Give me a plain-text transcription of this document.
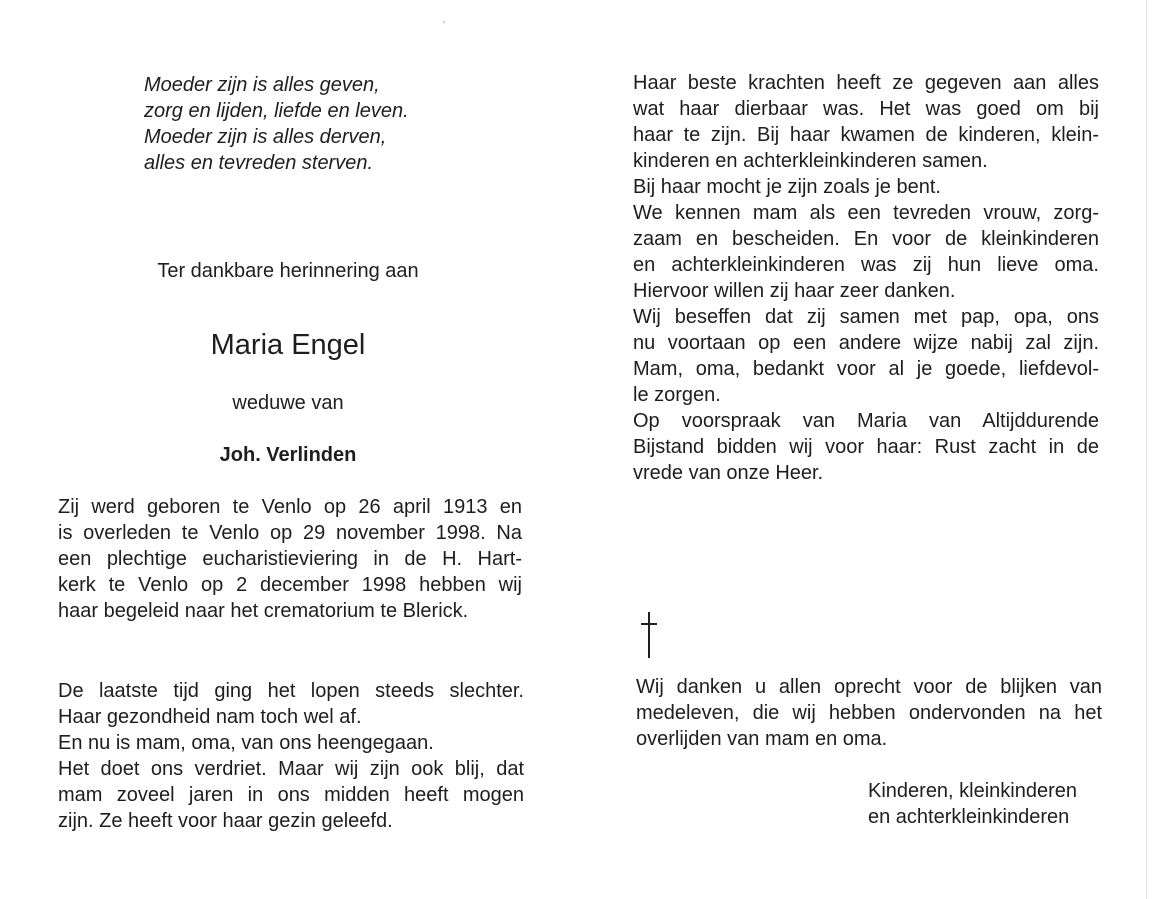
Moeder zijn is alles geven,
zorg en lijden, liefde en leven.
Moeder zijn is alles derven,
alles en tevreden sterven.
Ter dankbare herinnering aan
Maria Engel
weduwe van
Joh. Verlinden
Zij werd geboren te Venlo op 26 april 1913 en
is overleden te Venlo op 29 november 1998. Na
een plechtige eucharistieviering in de H. Hart-
kerk te Venlo op 2 december 1998 hebben wij
haar begeleid naar het crematorium te Blerick.
De laatste tijd ging het lopen steeds slechter.
Haar gezondheid nam toch wel af.
En nu is mam, oma, van ons heengegaan.
Het doet ons verdriet. Maar wij zijn ook blij, dat
mam zoveel jaren in ons midden heeft mogen
zijn. Ze heeft voor haar gezin geleefd.
Haar beste krachten heeft ze gegeven aan alles
wat haar dierbaar was. Het was goed om bij
haar te zijn. Bij haar kwamen de kinderen, klein-
kinderen en achterkleinkinderen samen.
Bij haar mocht je zijn zoals je bent.
We kennen mam als een tevreden vrouw, zorg-
zaam en bescheiden. En voor de kleinkinderen
en achterkleinkinderen was zij hun lieve oma.
Hiervoor willen zij haar zeer danken.
Wij beseffen dat zij samen met pap, opa, ons
nu voortaan op een andere wijze nabij zal zijn.
Mam, oma, bedankt voor al je goede, liefdevol-
le zorgen.
Op voorspraak van Maria van Altijddurende
Bijstand bidden wij voor haar: Rust zacht in de
vrede van onze Heer.
Wij danken u allen oprecht voor de blijken van
medeleven, die wij hebben ondervonden na het
overlijden van mam en oma.
Kinderen, kleinkinderen
en achterkleinkinderen
